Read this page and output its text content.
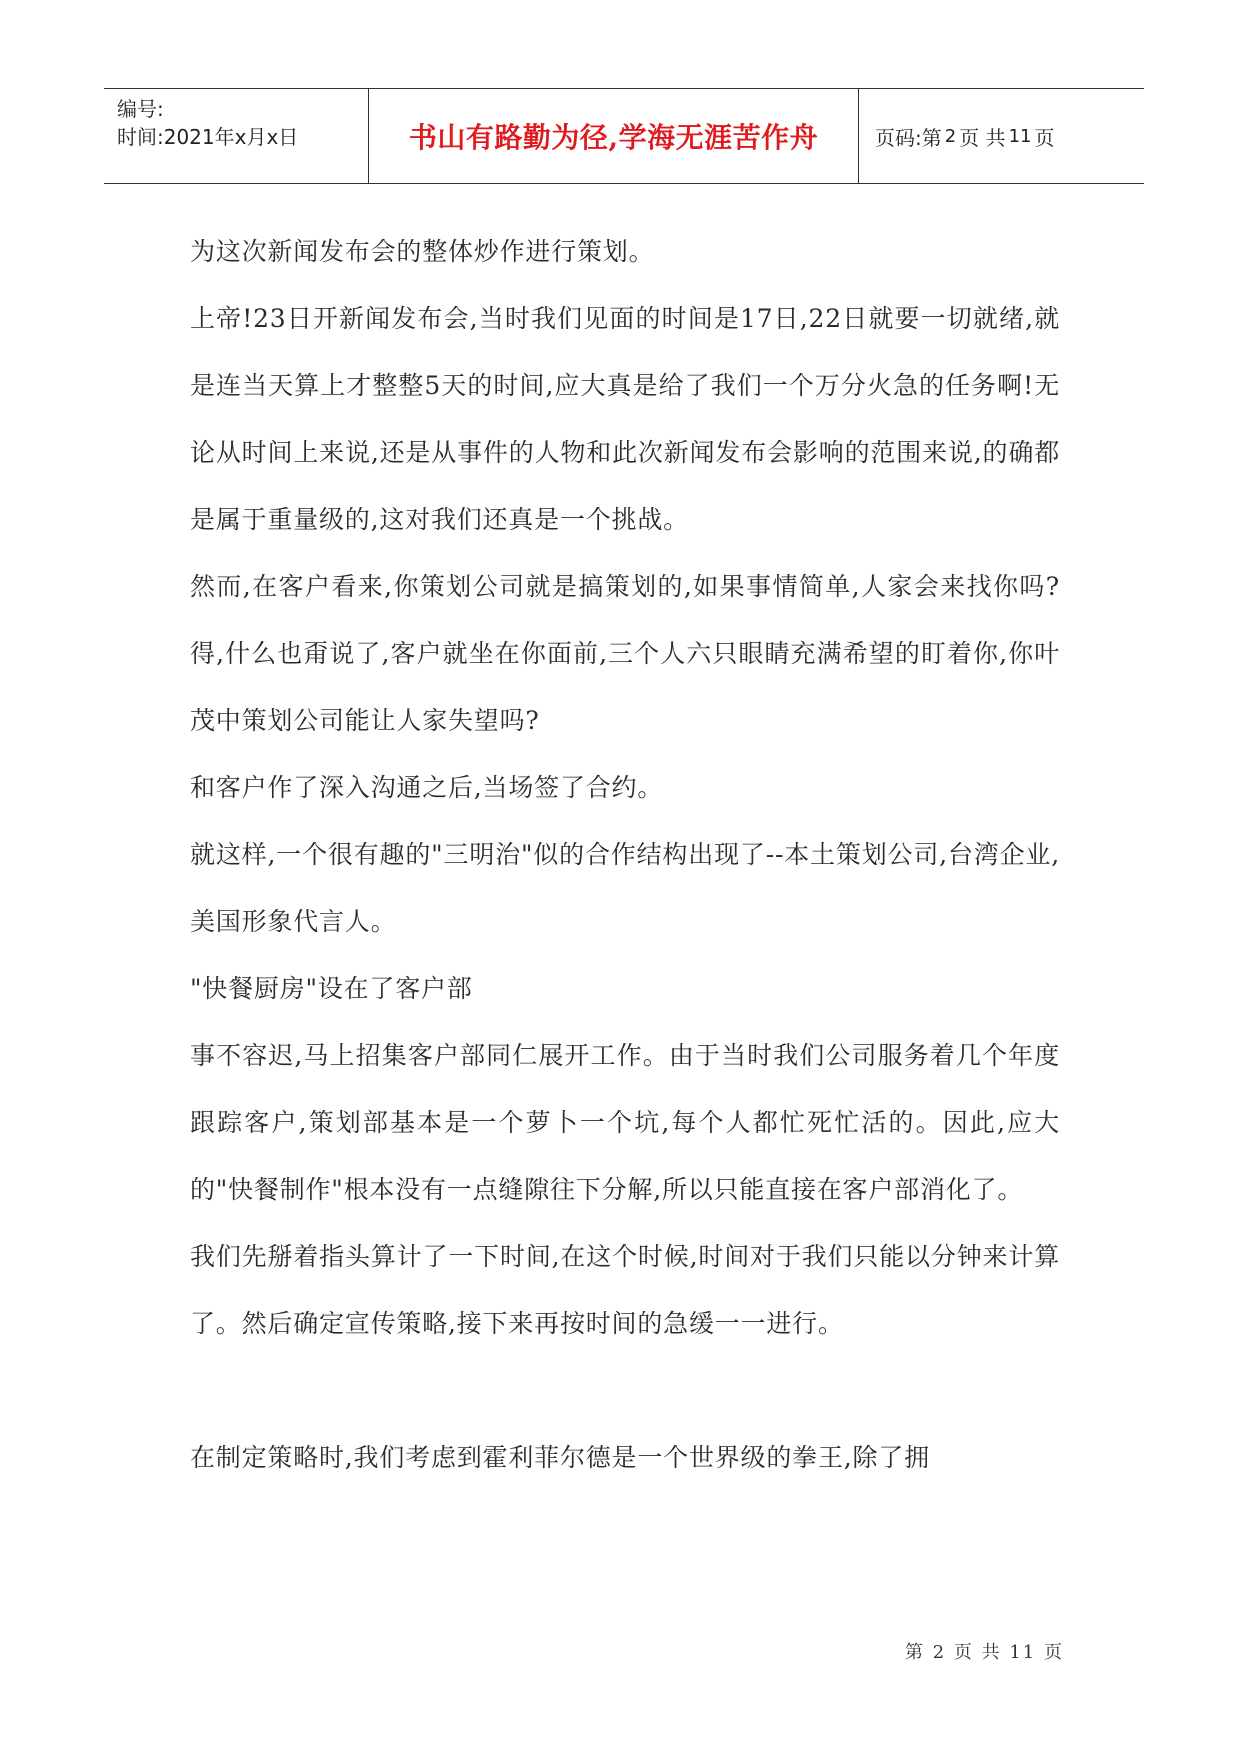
编号:
时间:2021年x月x日	书山有路勤为径,学海无涯苦作舟	页码:第 2 页 共 11 页

为这次新闻发布会的整体炒作进行策划。

上帝!23日开新闻发布会,当时我们见面的时间是17日,22日就要一切就绪,就是连当天算上才整整5天的时间,应大真是给了我们一个万分火急的任务啊!无论从时间上来说,还是从事件的人物和此次新闻发布会影响的范围来说,的确都是属于重量级的,这对我们还真是一个挑战。

然而,在客户看来,你策划公司就是搞策划的,如果事情简单,人家会来找你吗?得,什么也甭说了,客户就坐在你面前,三个人六只眼睛充满希望的盯着你,你叶茂中策划公司能让人家失望吗?

和客户作了深入沟通之后,当场签了合约。

就这样,一个很有趣的"三明治"似的合作结构出现了--本土策划公司,台湾企业,美国形象代言人。

"快餐厨房"设在了客户部

事不容迟,马上招集客户部同仁展开工作。由于当时我们公司服务着几个年度跟踪客户,策划部基本是一个萝卜一个坑,每个人都忙死忙活的。因此,应大的"快餐制作"根本没有一点缝隙往下分解,所以只能直接在客户部消化了。

我们先掰着指头算计了一下时间,在这个时候,时间对于我们只能以分钟来计算了。然后确定宣传策略,接下来再按时间的急缓一一进行。

在制定策略时,我们考虑到霍利菲尔德是一个世界级的拳王,除了拥

第 2 页 共 11 页
